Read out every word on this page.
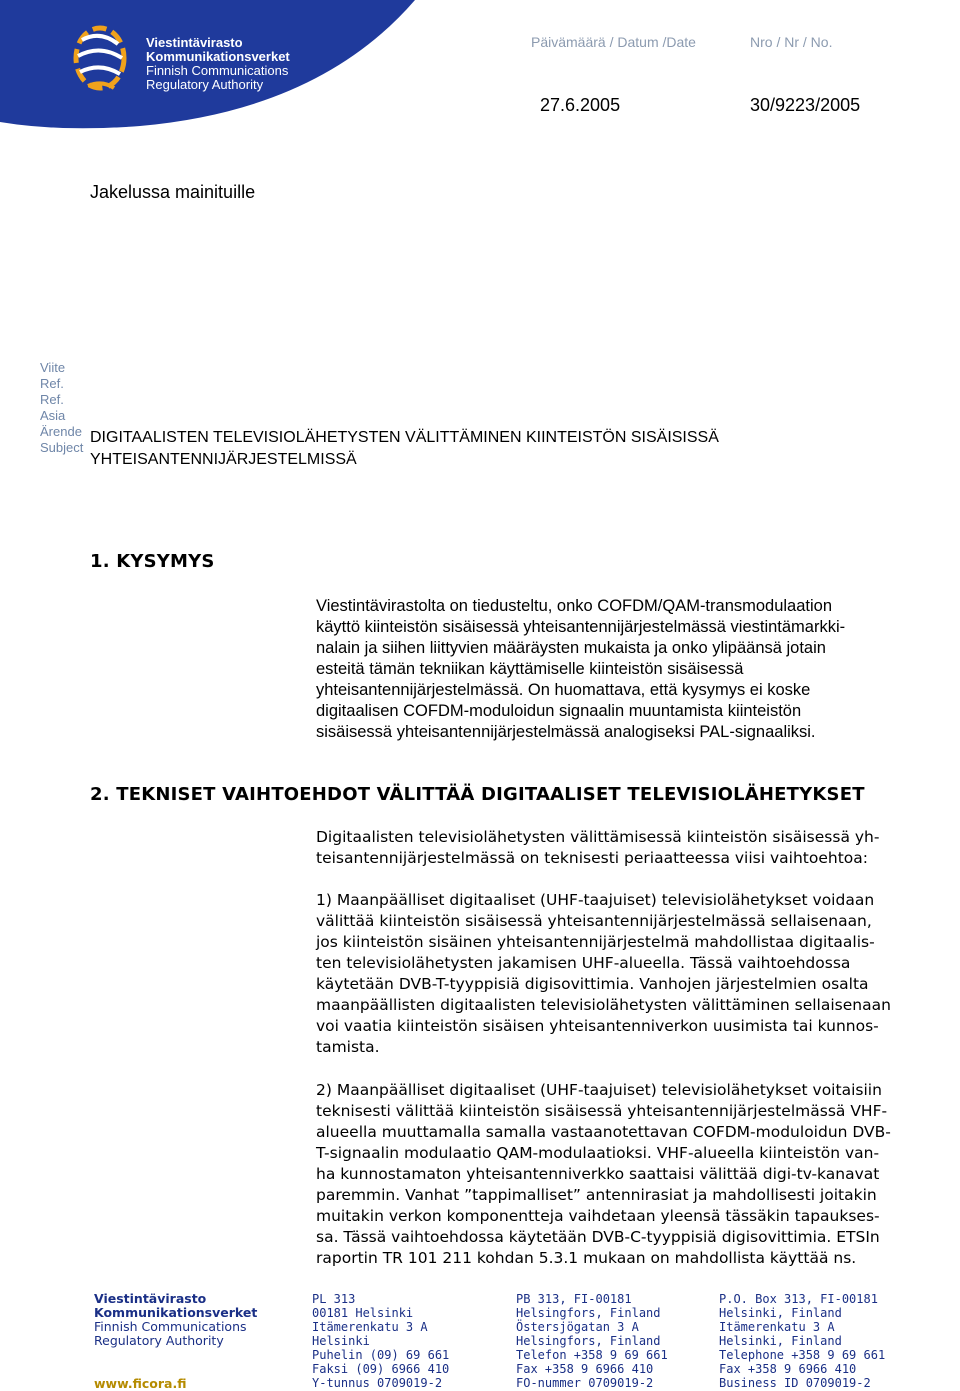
Viestintävirasto
Kommunikationsverket
Finnish Communications
Regulatory Authority
Päivämäärä / Datum /Date	Nro / Nr / No.
27.6.2005	30/9223/2005
Jakelussa mainituille
Viite
Ref.
Ref.
Asia
Ärende
Subject
DIGITAALISTEN TELEVISIOLÄHETYSTEN VÄLITTÄMINEN KIINTEISTÖN SISÄISISSÄ
YHTEISANTENNIJÄRJESTELMISSÄ
1. KYSYMYS
Viestintävirastolta on tiedusteltu, onko COFDM/QAM-transmodulaation
käyttö kiinteistön sisäisessä yhteisantennijärjestelmässä viestintämarkki-
nalain ja siihen liittyvien määräysten mukaista ja onko ylipäänsä jotain
esteitä tämän tekniikan käyttämiselle kiinteistön sisäisessä
yhteisantennijärjestelmässä. On huomattava, että kysymys ei koske
digitaalisen COFDM-moduloidun signaalin muuntamista kiinteistön
sisäisessä yhteisantennijärjestelmässä analogiseksi PAL-signaaliksi.
2. TEKNISET VAIHTOEHDOT VÄLITTÄÄ DIGITAALISET TELEVISIOLÄHETYKSET
Digitaalisten televisiolähetysten välittämisessä kiinteistön sisäisessä yh-
teisantennijärjestelmässä on teknisesti periaatteessa viisi vaihtoehtoa:
1) Maanpäälliset digitaaliset (UHF-taajuiset) televisiolähetykset voidaan
välittää kiinteistön sisäisessä yhteisantennijärjestelmässä sellaisenaan,
jos kiinteistön sisäinen yhteisantennijärjestelmä mahdollistaa digitaalis-
ten televisiolähetysten jakamisen UHF-alueella. Tässä vaihtoehdossa
käytetään DVB-T-tyyppisiä digisovittimia. Vanhojen järjestelmien osalta
maanpäällisten digitaalisten televisiolähetysten välittäminen sellaisenaan
voi vaatia kiinteistön sisäisen yhteisantenniverkon uusimista tai kunnos-
tamista.
2) Maanpäälliset digitaaliset (UHF-taajuiset) televisiolähetykset voitaisiin
teknisesti välittää kiinteistön sisäisessä yhteisantennijärjestelmässä VHF-
alueella muuttamalla samalla vastaanotettavan COFDM-moduloidun DVB-
T-signaalin modulaatio QAM-modulaatioksi. VHF-alueella kiinteistön van-
ha kunnostamaton yhteisantenniverkko saattaisi välittää digi-tv-kanavat
paremmin. Vanhat ”tappimalliset” antennirasiat ja mahdollisesti joitakin
muitakin verkon komponentteja vaihdetaan yleensä tässäkin tapaukses-
sa. Tässä vaihtoehdossa käytetään DVB-C-tyyppisiä digisovittimia. ETSIn
raportin TR 101 211 kohdan 5.3.1 mukaan on mahdollista käyttää ns.
Viestintävirasto
Kommunikationsverket
Finnish Communications
Regulatory Authority
PL 313
00181 Helsinki
Itämerenkatu 3 A
Helsinki
Puhelin (09) 69 661
Faksi (09) 6966 410
Y-tunnus 0709019-2
PB 313, FI-00181
Helsingfors, Finland
Östersjögatan 3 A
Helsingfors, Finland
Telefon +358 9 69 661
Fax +358 9 6966 410
FO-nummer 0709019-2
P.O. Box 313, FI-00181
Helsinki, Finland
Itämerenkatu 3 A
Helsinki, Finland
Telephone +358 9 69 661
Fax +358 9 6966 410
Business ID 0709019-2
www.ficora.fi
